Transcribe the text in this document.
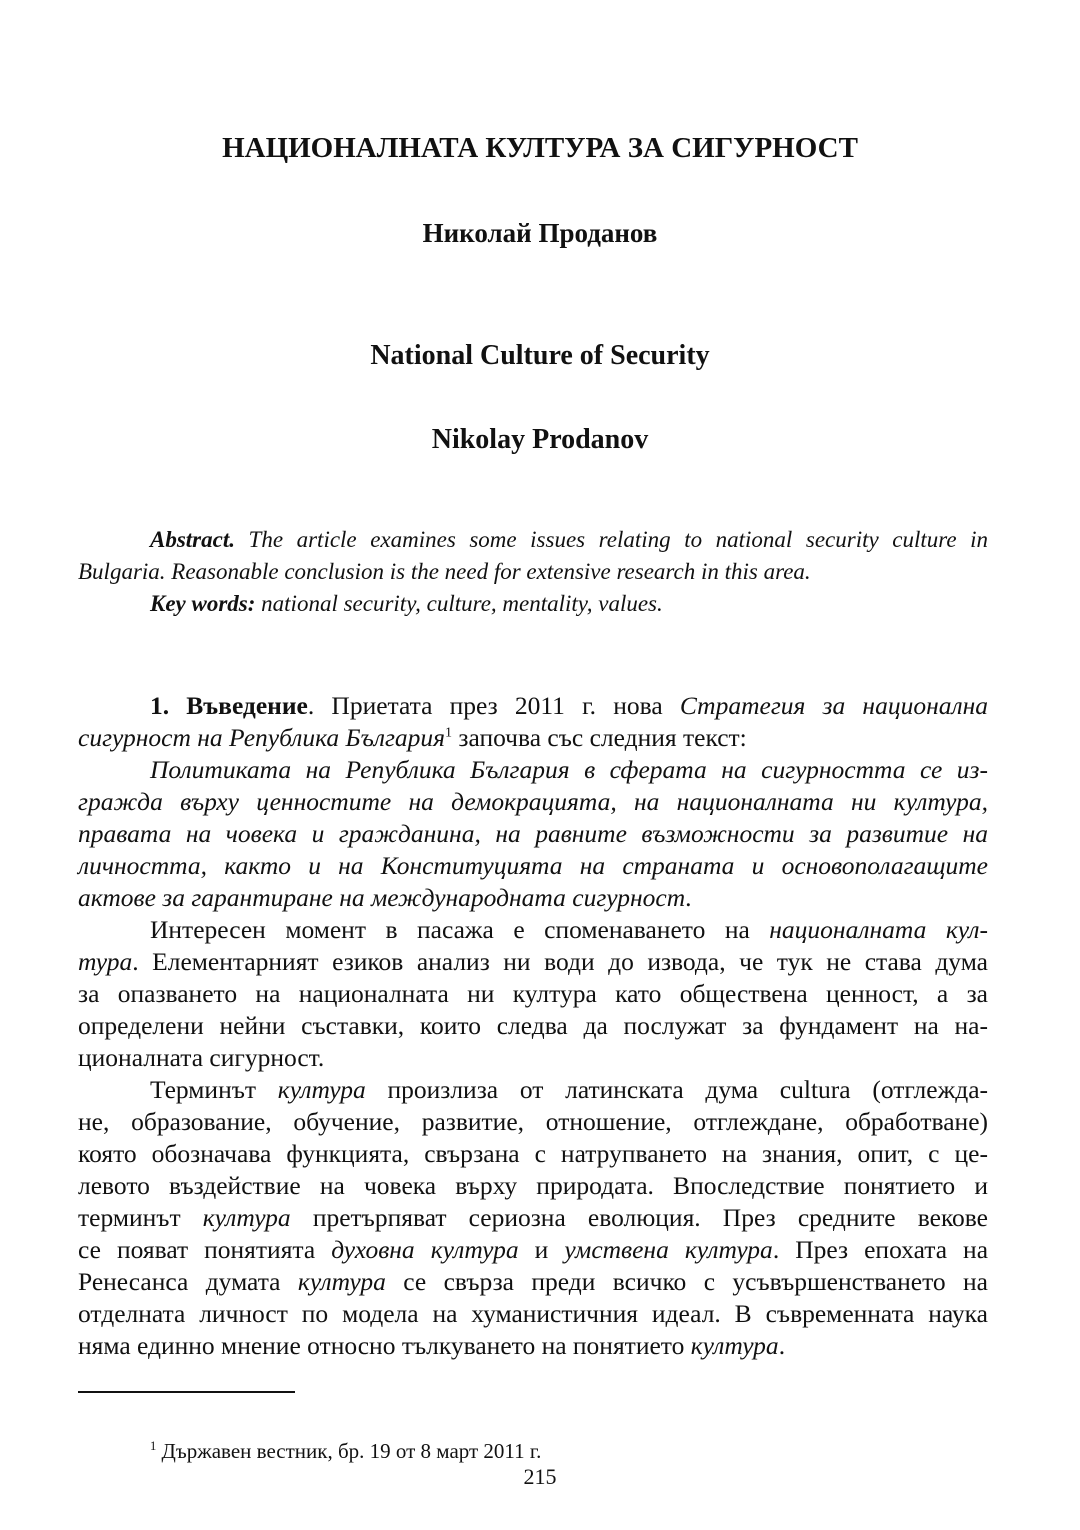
НАЦИОНАЛНАТА КУЛТУРА ЗА СИГУРНОСТ
Николай Проданов
National Culture of Security
Nikolay Prodanov
Abstract. The article examines some issues relating to national security culture in
Bulgaria. Reasonable conclusion is the need for extensive research in this area.
Key words: national security, culture, mentality, values.
1. Въведение. Приетата през 2011 г. нова Стратегия за национална
сигурност на Република България$^1$ започва със следния текст:
Политиката на Република България в сферата на сигурността се из-
гражда върху ценностите на демокрацията, на националната ни култура,
правата на човека и гражданина, на равните възможности за развитие на
личността, както и на Конституцията на страната и основополагащите
актове за гарантиране на международната сигурност.
Интересен момент в пасажа е споменаването на националната кул-
тура. Елементарният езиков анализ ни води до извода, че тук не става дума
за опазването на националната ни култура като обществена ценност, а за
определени нейни съставки, които следва да послужат за фундамент на на-
ционалната сигурност.
Терминът култура произлиза от латинската дума cultura (отглежда-
не, образование, обучение, развитие, отношение, отглеждане, обработване)
която обозначава функцията, свързана с натрупването на знания, опит, с це-
левото въздействие на човека върху природата. Впоследствие понятието и
терминът култура претърпяват сериозна еволюция. През средните векове
се появат понятията духовна култура и умствена култура. През епохата на
Ренесанса думата култура се свърза преди всичко с усъвършенстването на
отделната личност по модела на хуманистичния идеал. В съвременната наука
няма единно мнение относно тълкуването на понятието култура.
$^1$ Държавен вестник, бр. 19 от 8 март 2011 г.
215
